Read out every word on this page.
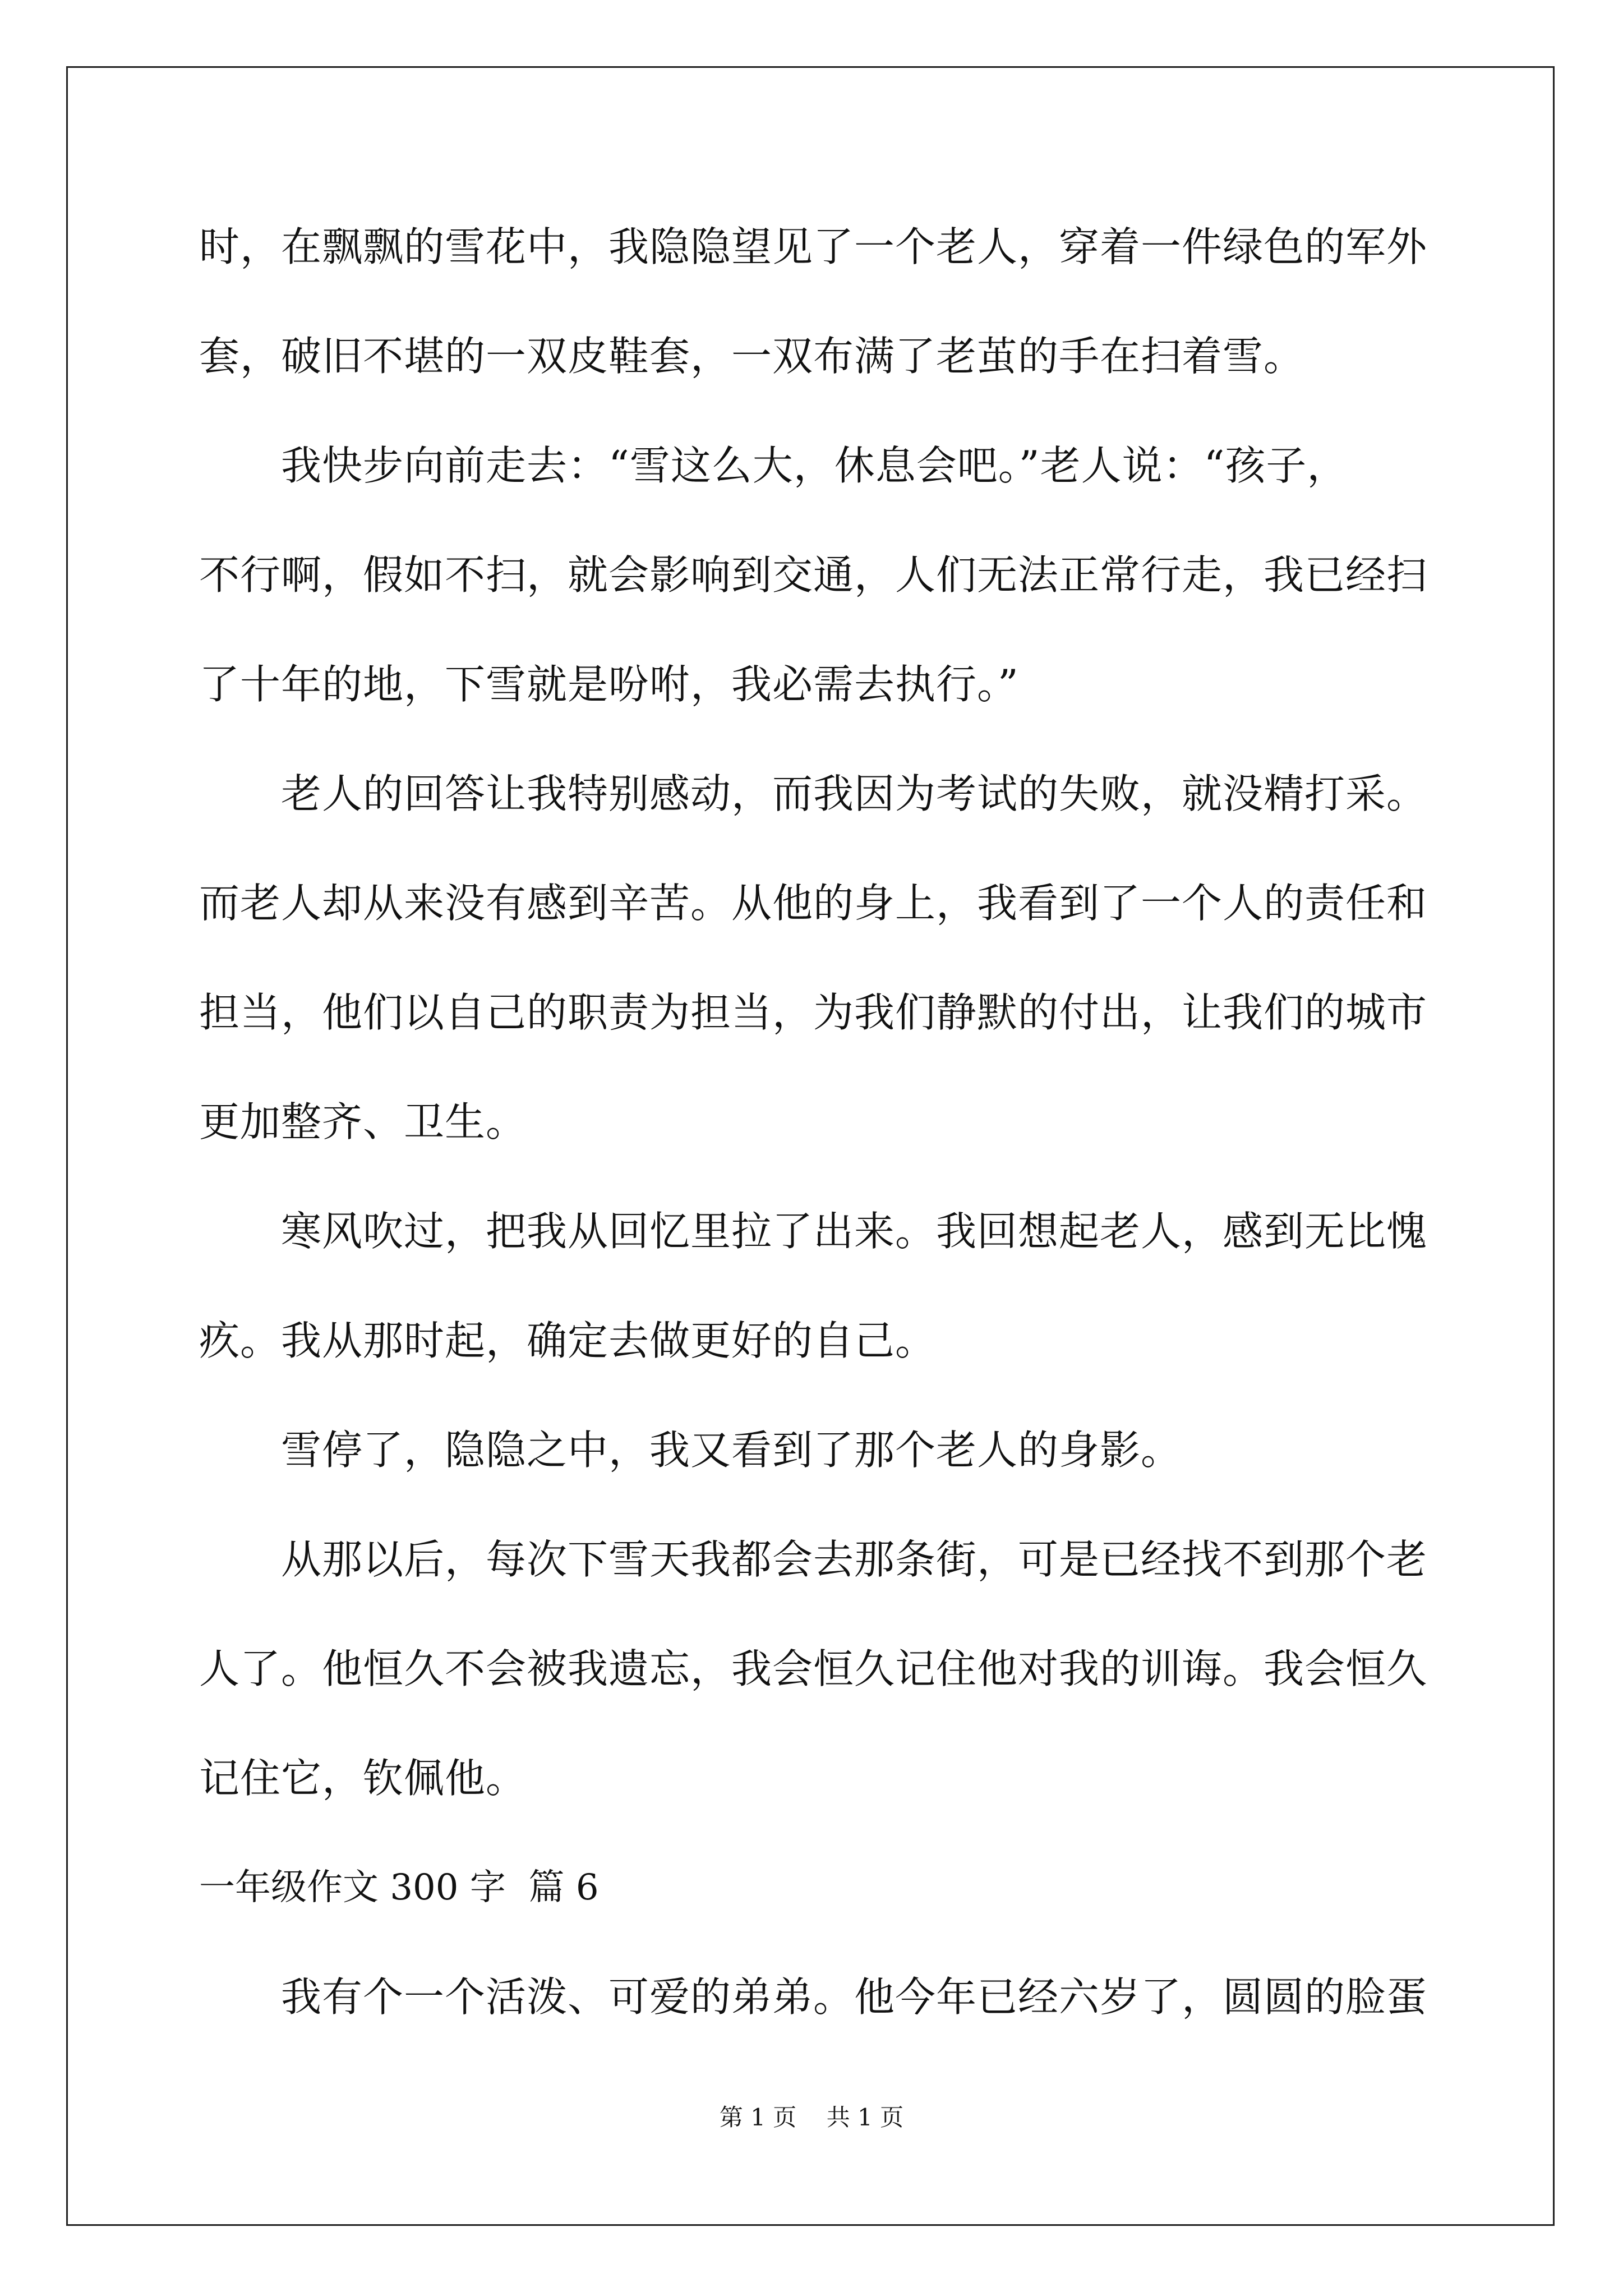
时，在飘飘的雪花中，我隐隐望见了一个老人，穿着一件绿色的军外
套，破旧不堪的一双皮鞋套，一双布满了老茧的手在扫着雪。
我快步向前走去：“雪这么大，休息会吧。”老人说：“孩子，
不行啊，假如不扫，就会影响到交通，人们无法正常行走，我已经扫
了十年的地，下雪就是吩咐，我必需去执行。”
老人的回答让我特别感动，而我因为考试的失败，就没精打采。
而老人却从来没有感到辛苦。从他的身上，我看到了一个人的责任和
担当，他们以自己的职责为担当，为我们静默的付出，让我们的城市
更加整齐、卫生。
寒风吹过，把我从回忆里拉了出来。我回想起老人，感到无比愧
疚。我从那时起，确定去做更好的自己。
雪停了，隐隐之中，我又看到了那个老人的身影。
从那以后，每次下雪天我都会去那条街，可是已经找不到那个老
人了。他恒久不会被我遗忘，我会恒久记住他对我的训诲。我会恒久
记住它，钦佩他。
一年级作文 300 字  篇 6
我有个一个活泼、可爱的弟弟。他今年已经六岁了，圆圆的脸蛋
第 1 页    共 1 页
